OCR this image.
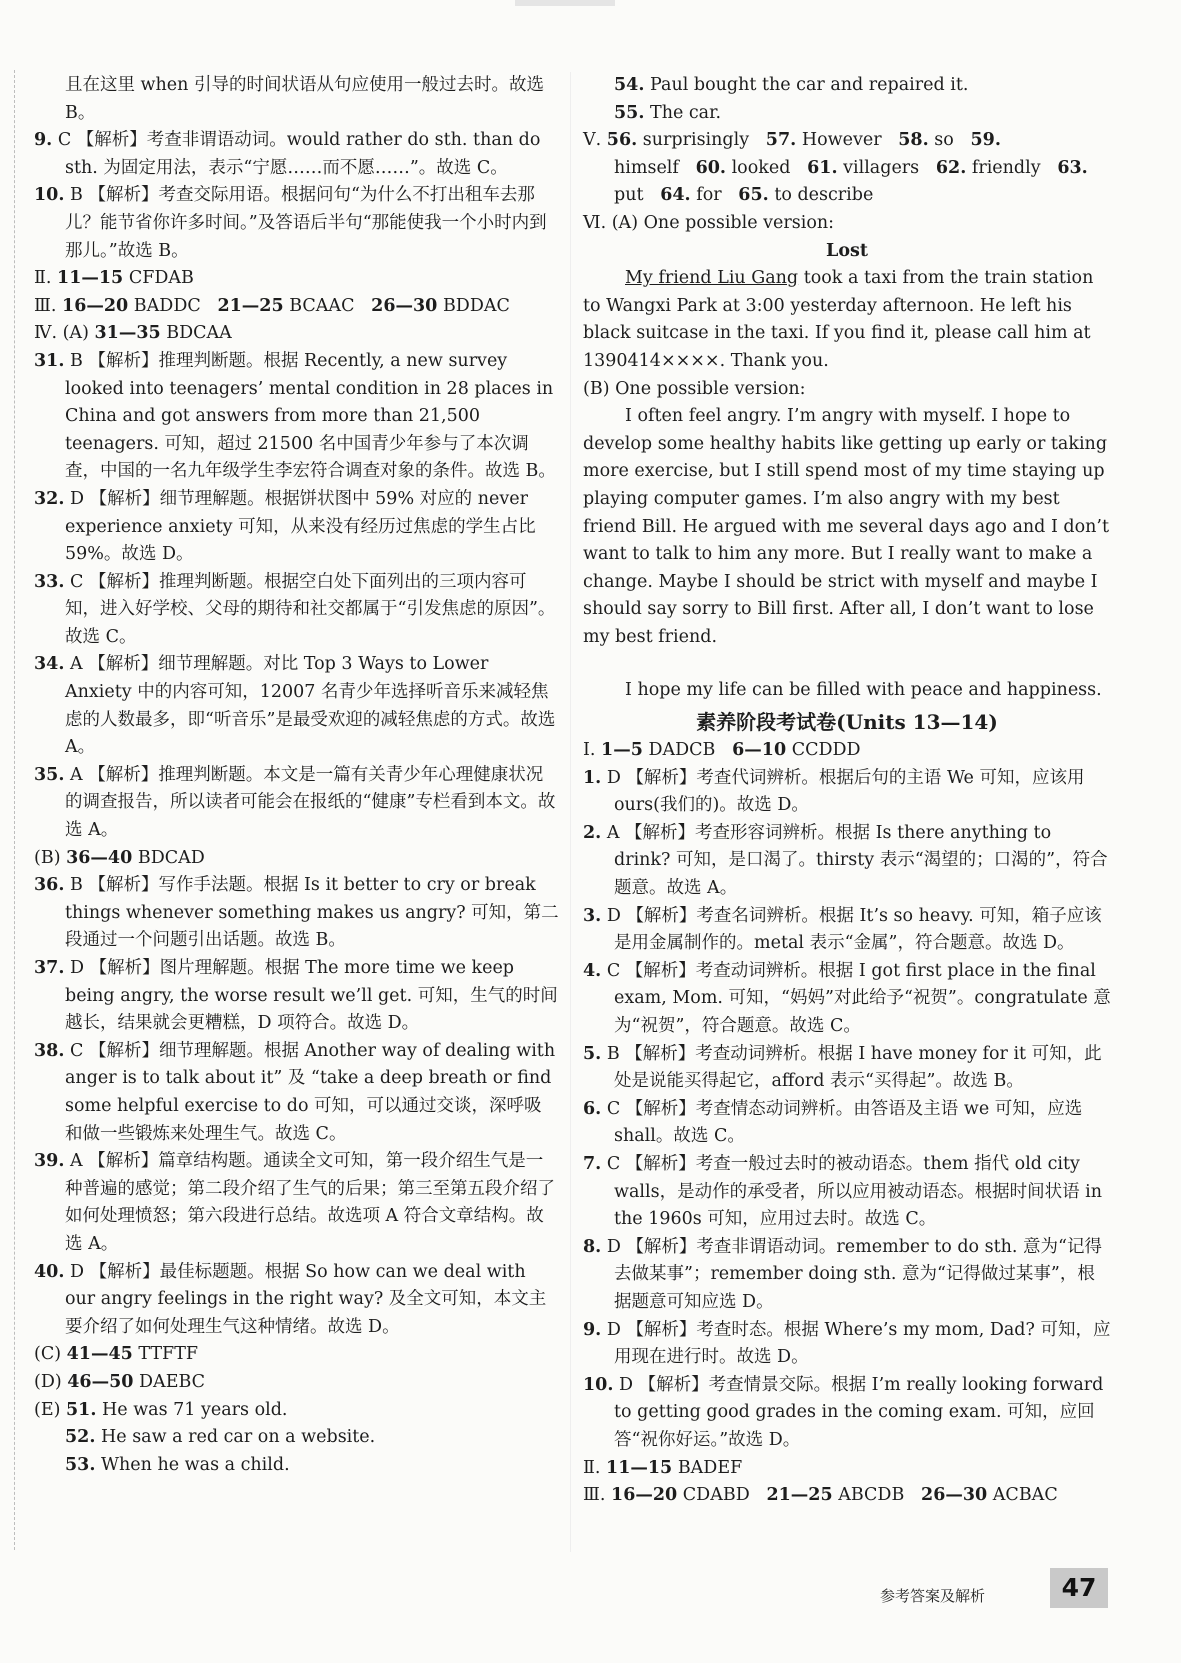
且在这里 when 引导的时间状语从句应使用一般过去时。故选 B。
9. C 【解析】考查非谓语动词。would rather do sth. than do sth. 为固定用法，表示“宁愿……而不愿……”。故选 C。
10. B 【解析】考查交际用语。根据问句“为什么不打出租车去那儿？能节省你许多时间。”及答语后半句“那能使我一个小时内到那儿。”故选 B。
Ⅱ. 11—15 CFDAB
Ⅲ. 16—20 BADDC   21—25 BCAAC   26—30 BDDAC
Ⅳ. (A) 31—35 BDCAA
31. B 【解析】推理判断题。根据 Recently, a new survey looked into teenagers’ mental condition in 28 places in China and got answers from more than 21,500 teenagers. 可知，超过 21500 名中国青少年参与了本次调查，中国的一名九年级学生李宏符合调查对象的条件。故选 B。
32. D 【解析】细节理解题。根据饼状图中 59% 对应的 never experience anxiety 可知，从来没有经历过焦虑的学生占比 59%。故选 D。
33. C 【解析】推理判断题。根据空白处下面列出的三项内容可知，进入好学校、父母的期待和社交都属于“引发焦虑的原因”。故选 C。
34. A 【解析】细节理解题。对比 Top 3 Ways to Lower Anxiety 中的内容可知，12007 名青少年选择听音乐来减轻焦虑的人数最多，即“听音乐”是最受欢迎的减轻焦虑的方式。故选 A。
35. A 【解析】推理判断题。本文是一篇有关青少年心理健康状况的调查报告，所以读者可能会在报纸的“健康”专栏看到本文。故选 A。
(B) 36—40 BDCAD
36. B 【解析】写作手法题。根据 Is it better to cry or break things whenever something makes us angry? 可知，第二段通过一个问题引出话题。故选 B。
37. D 【解析】图片理解题。根据 The more time we keep being angry, the worse result we’ll get. 可知，生气的时间越长，结果就会更糟糕，D 项符合。故选 D。
38. C 【解析】细节理解题。根据 Another way of dealing with anger is to talk about it” 及 “take a deep breath or find some helpful exercise to do 可知，可以通过交谈，深呼吸和做一些锻炼来处理生气。故选 C。
39. A 【解析】篇章结构题。通读全文可知，第一段介绍生气是一种普遍的感觉；第二段介绍了生气的后果；第三至第五段介绍了如何处理愤怒；第六段进行总结。故选项 A 符合文章结构。故选 A。
40. D 【解析】最佳标题题。根据 So how can we deal with our angry feelings in the right way? 及全文可知，本文主要介绍了如何处理生气这种情绪。故选 D。
(C) 41—45 TTFTF
(D) 46—50 DAEBC
(E) 51. He was 71 years old.
52. He saw a red car on a website.
53. When he was a child.
54. Paul bought the car and repaired it.
55. The car.
Ⅴ. 56. surprisingly   57. However   58. so   59. himself   60. looked   61. villagers   62. friendly   63. put   64. for   65. to describe
Ⅵ. (A) One possible version:
Lost
My friend Liu Gang took a taxi from the train station to Wangxi Park at 3:00 yesterday afternoon. He left his black suitcase in the taxi. If you find it, please call him at 1390414××××. Thank you.
(B) One possible version:
I often feel angry. I’m angry with myself. I hope to develop some healthy habits like getting up early or taking more exercise, but I still spend most of my time staying up playing computer games. I’m also angry with my best friend Bill. He argued with me several days ago and I don’t want to talk to him any more. But I really want to make a change. Maybe I should be strict with myself and maybe I should say sorry to Bill first. After all, I don’t want to lose my best friend.
I hope my life can be filled with peace and happiness.
素养阶段考试卷(Units 13—14)
Ⅰ. 1—5 DADCB   6—10 CCDDD
1. D 【解析】考查代词辨析。根据后句的主语 We 可知，应该用 ours(我们的)。故选 D。
2. A 【解析】考查形容词辨析。根据 Is there anything to drink? 可知，是口渴了。thirsty 表示“渴望的；口渴的”，符合题意。故选 A。
3. D 【解析】考查名词辨析。根据 It’s so heavy. 可知，箱子应该是用金属制作的。metal 表示“金属”，符合题意。故选 D。
4. C 【解析】考查动词辨析。根据 I got first place in the final exam, Mom. 可知，“妈妈”对此给予“祝贺”。congratulate 意为“祝贺”，符合题意。故选 C。
5. B 【解析】考查动词辨析。根据 I have money for it 可知，此处是说能买得起它，afford 表示“买得起”。故选 B。
6. C 【解析】考查情态动词辨析。由答语及主语 we 可知，应选 shall。故选 C。
7. C 【解析】考查一般过去时的被动语态。them 指代 old city walls，是动作的承受者，所以应用被动语态。根据时间状语 in the 1960s 可知，应用过去时。故选 C。
8. D 【解析】考查非谓语动词。remember to do sth. 意为“记得去做某事”；remember doing sth. 意为“记得做过某事”，根据题意可知应选 D。
9. D 【解析】考查时态。根据 Where’s my mom, Dad? 可知，应用现在进行时。故选 D。
10. D 【解析】考查情景交际。根据 I’m really looking forward to getting good grades in the coming exam. 可知，应回答“祝你好运。”故选 D。
Ⅱ. 11—15 BADEF
Ⅲ. 16—20 CDABD   21—25 ABCDB   26—30 ACBAC
参考答案及解析	47
